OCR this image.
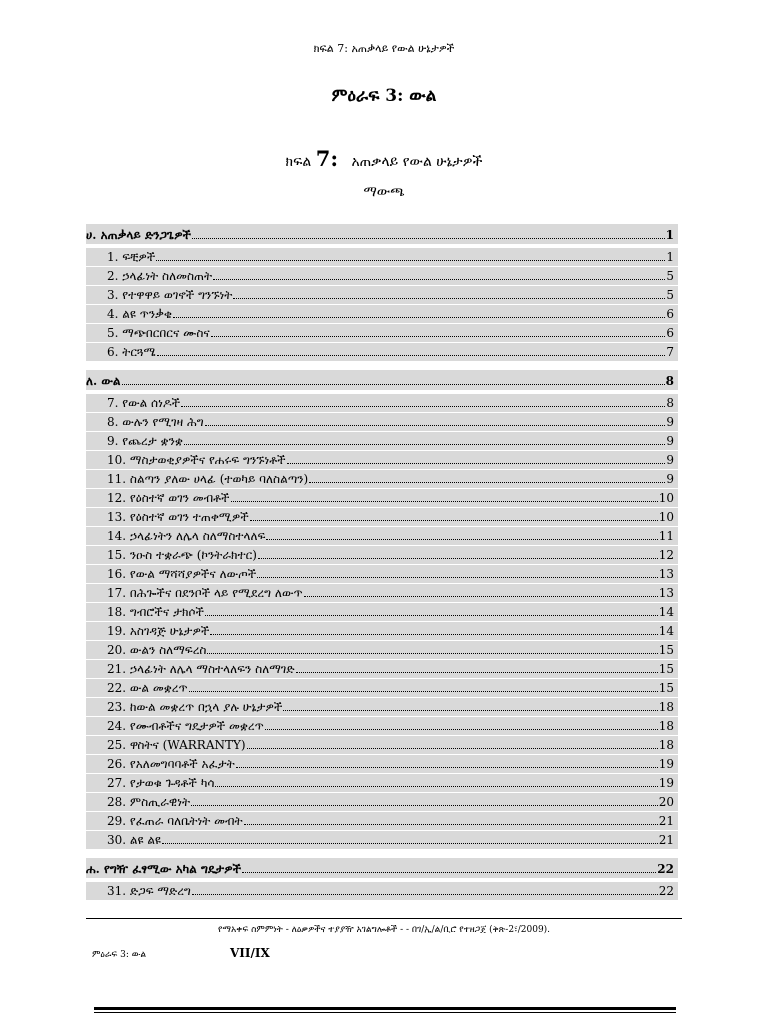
ክፍል 7: አጠቃላይ የውል ሁኔታዎች
ምዕራፍ 3: ውል
ክፍል 7: አጠቃላይ የውል ሁኔታዎች
ማውጫ
ሀ. አጠቃላይ ድንጋጌዎች	1
1. ፍቺዎች	1
2. ኃላፊነት ስለመስጠት	5
3. የተዋዋይ ወገኖች ግንኙነት	5
4. ልዩ ጥንቃቄ	6
5. ማጭበርበርና ሙስና	6
6. ትርጓሜ	7
ለ. ውል	8
7. የውል ሰነዶች	8
8. ውሉን የሚገዛ ሕግ	9
9. የጨረታ ቋንቋ	9
10. ማስታወቂያዎችና የሐሩፍ ግንኙነቶች	9
11. ስልጣን ያለው ሀላፊ (ተወካይ ባለስልጣን)	9
12. የዕስተኛ ወገን መብቶች	10
13. የዕስተኛ ወገን ተጠቀሚዎች	10
14. ኃላፊነትን ለሌላ ስለማስተላለፍ	11
15. ንዑስ ተቋራጭ (ኮንትራክተር)	12
16. የውል ማሻሻያዎችና ለውጦች	13
17. በሕጐችና በደንቦች ላይ የሚደረግ ለውጥ	13
18. ግብሮችና ታክሶች	14
19. አስገዳጅ ሁኔታዎች	14
20. ውልን ስለማፍረስ	15
21. ኃላፊነት ለሌላ ማስተላለፍን ስለማገድ	15
22. ውል መቋረጥ	15
23. ከውል መቋረጥ በኋላ ያሉ ሁኔታዎች	18
24. የሙብቶችና ግዴታዎች መቋረጥ	18
25. ዋስትና (WARRANTY)	18
26. የአለመግባባቶች አፈታት	19
27. የታወቁ ጉዳቶች ካሳ	19
28. ምስጢራዊነት	20
29. የፈጠራ ባለቤትነት መብት	21
30. ልዩ ልዩ	21
ሐ. የግዥ ፈፃሚው አካል ግዴታዎች	22
31. ድጋፍ ማድረግ	22
የማአቀፍ ስምምነት - ለዕቃዎችና ተያያዥ አገልግሎቶች - - በገ/ኢ/ል/ቢሮ የተዘጋጀ (ቅጽ-2፣/2009).
ምዕራፍ 3: ውል	VII/IX
